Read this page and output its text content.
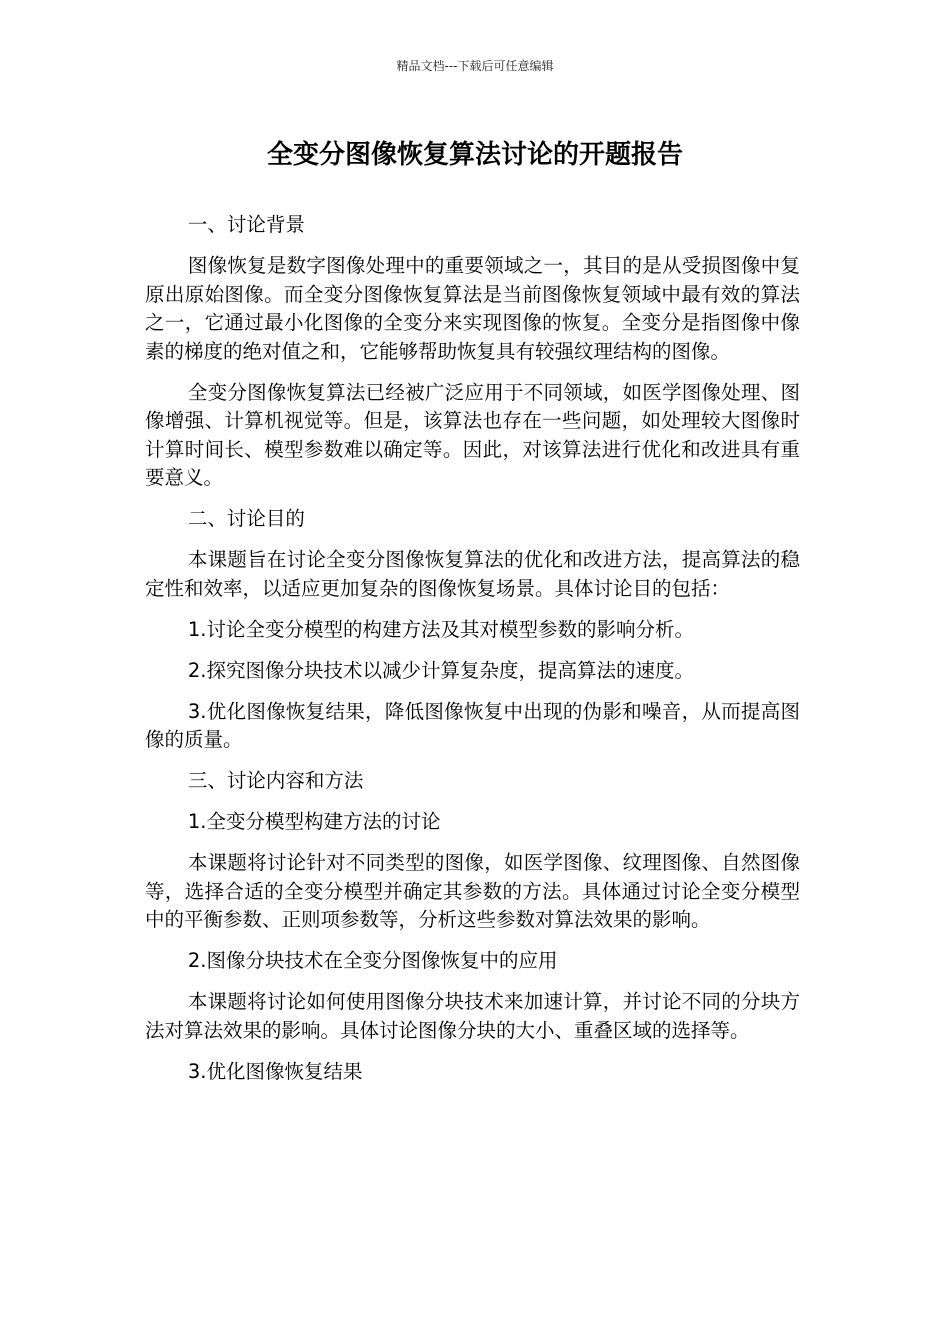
精品文档---下载后可任意编辑
全变分图像恢复算法讨论的开题报告

一、讨论背景

图像恢复是数字图像处理中的重要领域之一，其目的是从受损图像中复原出原始图像。而全变分图像恢复算法是当前图像恢复领域中最有效的算法之一，它通过最小化图像的全变分来实现图像的恢复。全变分是指图像中像素的梯度的绝对值之和，它能够帮助恢复具有较强纹理结构的图像。

全变分图像恢复算法已经被广泛应用于不同领域，如医学图像处理、图像增强、计算机视觉等。但是，该算法也存在一些问题，如处理较大图像时计算时间长、模型参数难以确定等。因此，对该算法进行优化和改进具有重要意义。

二、讨论目的

本课题旨在讨论全变分图像恢复算法的优化和改进方法，提高算法的稳定性和效率，以适应更加复杂的图像恢复场景。具体讨论目的包括：

1.讨论全变分模型的构建方法及其对模型参数的影响分析。

2.探究图像分块技术以减少计算复杂度，提高算法的速度。

3.优化图像恢复结果，降低图像恢复中出现的伪影和噪音，从而提高图像的质量。

三、讨论内容和方法

1.全变分模型构建方法的讨论

本课题将讨论针对不同类型的图像，如医学图像、纹理图像、自然图像等，选择合适的全变分模型并确定其参数的方法。具体通过讨论全变分模型中的平衡参数、正则项参数等，分析这些参数对算法效果的影响。

2.图像分块技术在全变分图像恢复中的应用

本课题将讨论如何使用图像分块技术来加速计算，并讨论不同的分块方法对算法效果的影响。具体讨论图像分块的大小、重叠区域的选择等。

3.优化图像恢复结果
